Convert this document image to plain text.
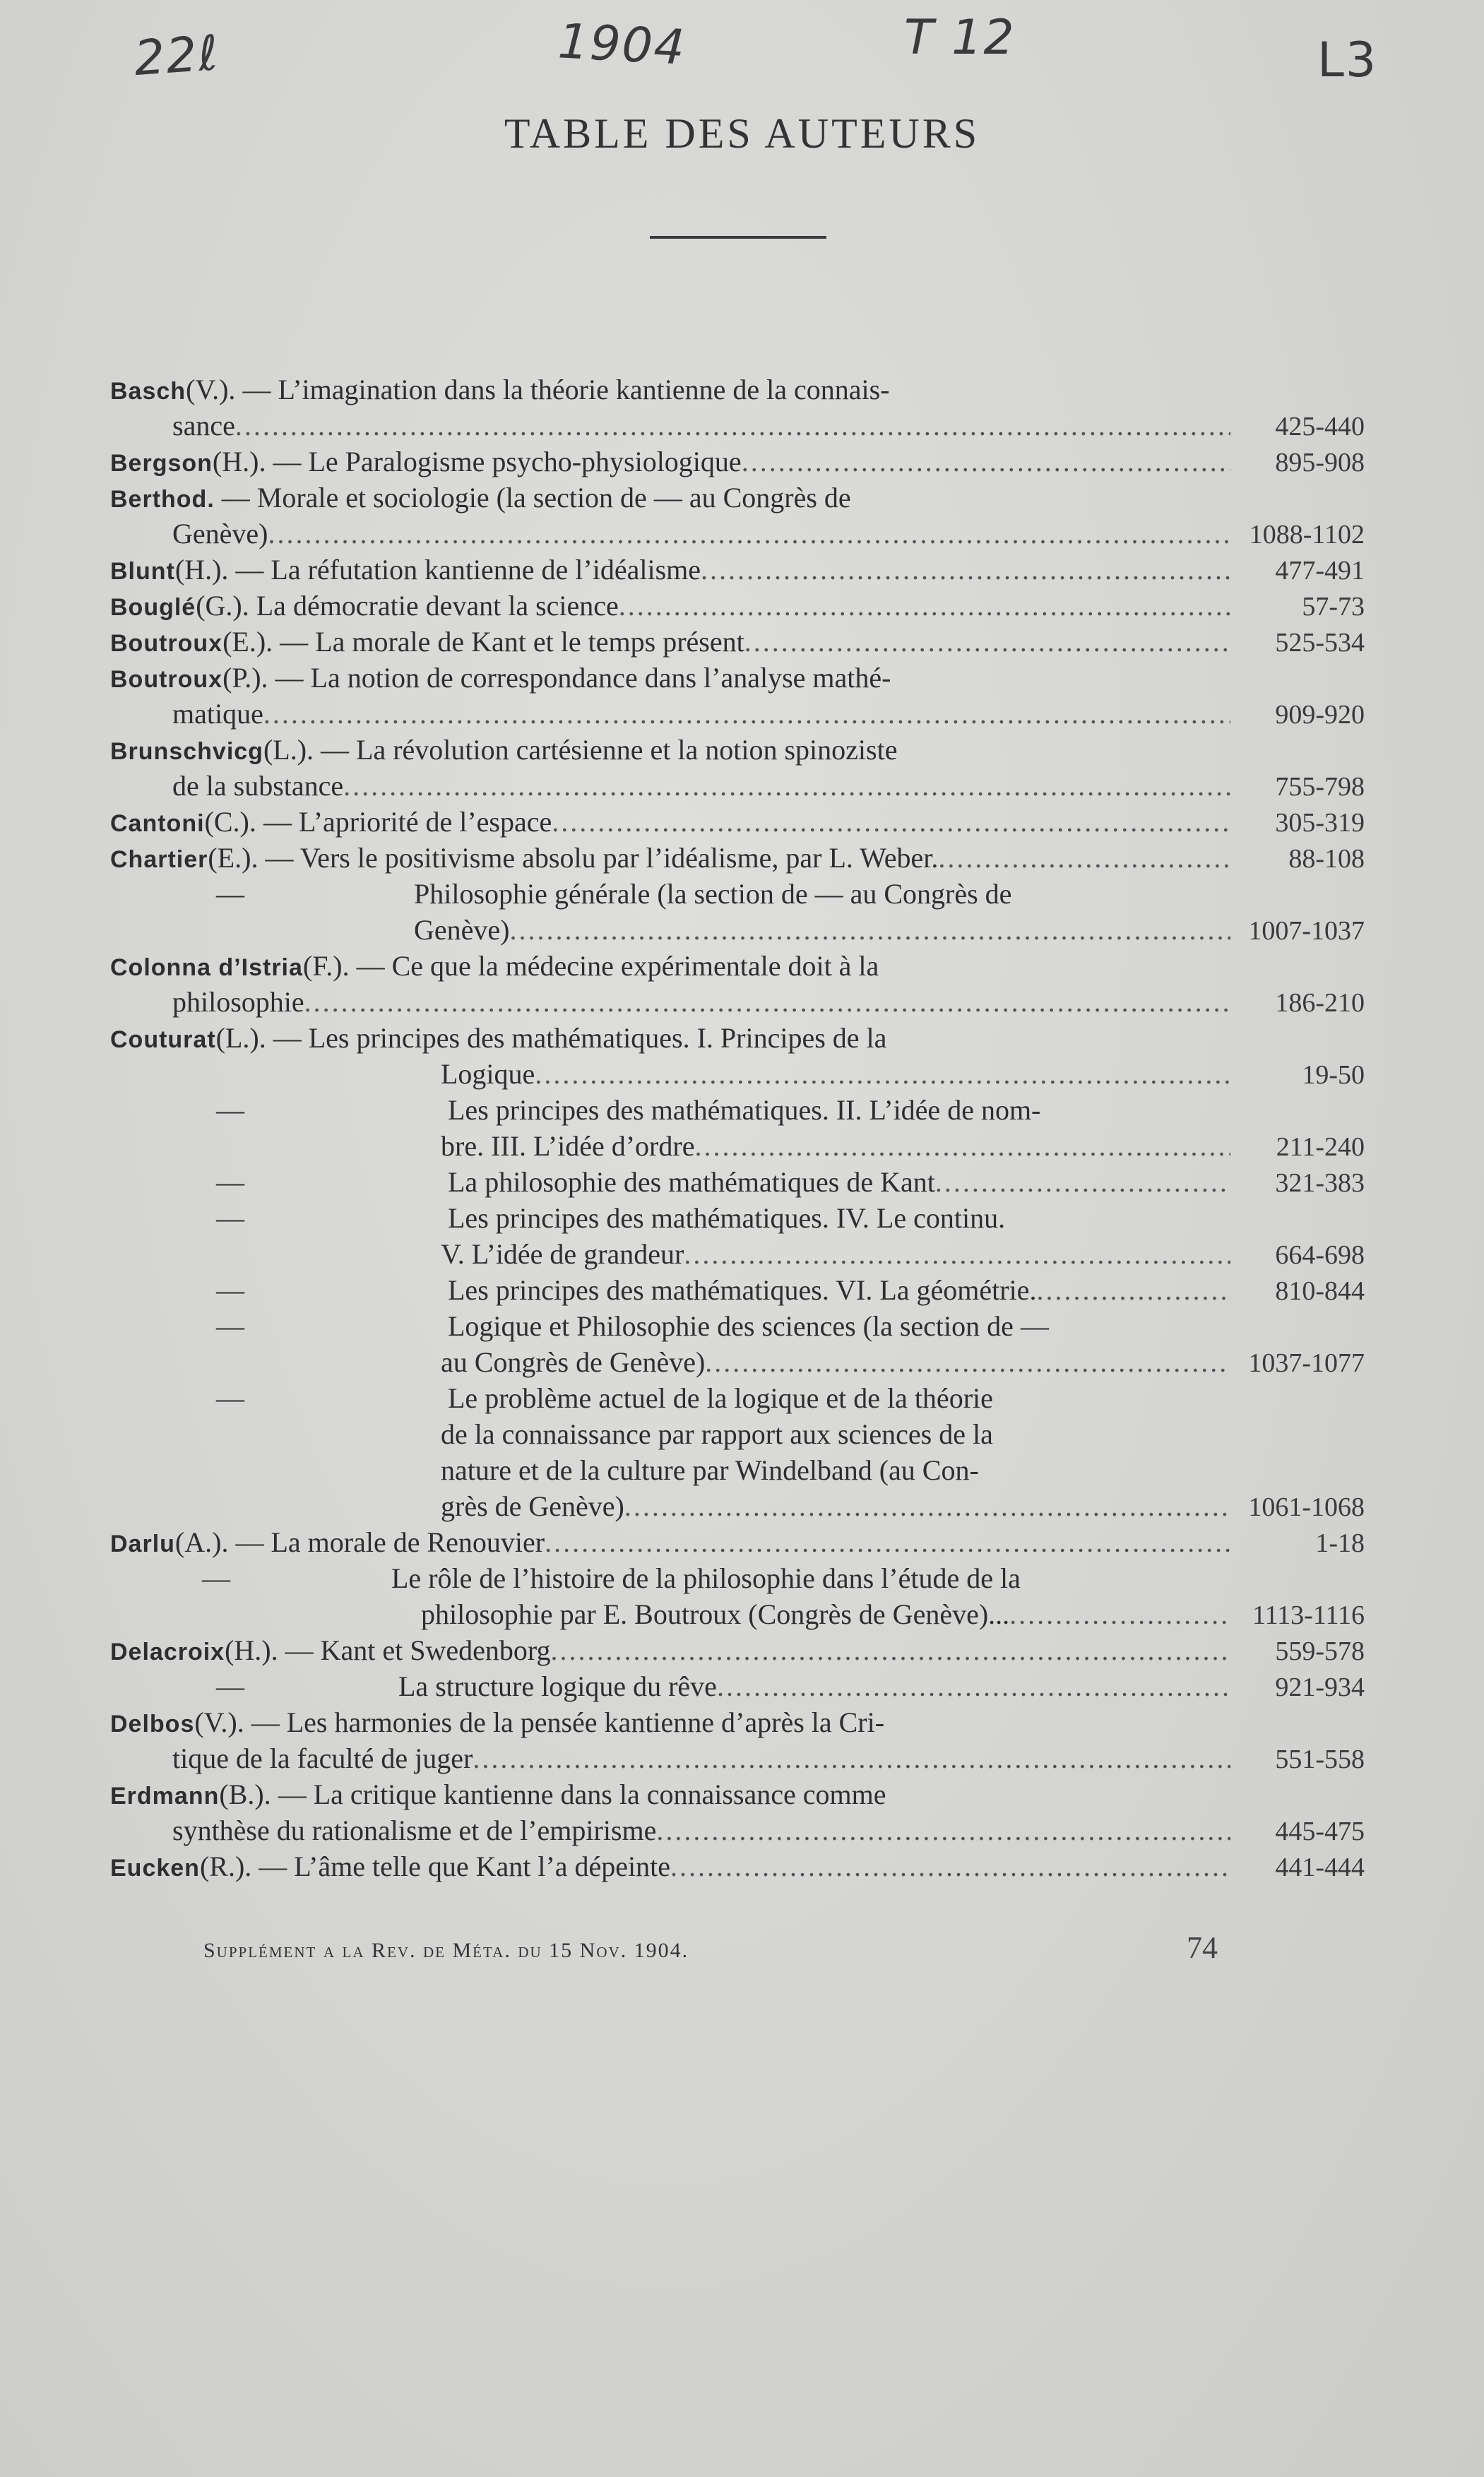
22ℓ	1904	T 12	L3
TABLE DES AUTEURS
Basch (V.). — L’imagination dans la théorie kantienne de la connais-
sance .....	425-440
Bergson (H.). — Le Paralogisme psycho-physiologique .....	895-908
Berthod.
— Morale et sociologie (la section de — au Congrès de
Genève) .....	1088-1102
Blunt (H.). — La réfutation kantienne de l’idéalisme .....	477-491
Bouglé (G.). La démocratie devant la science .....	57-73
Boutroux (E.). — La morale de Kant et le temps présent .....	525-534
Boutroux (P.). — La notion de correspondance dans l’analyse mathé-
matique .....	909-920
Brunschvicg (L.). — La révolution cartésienne et la notion spinoziste
de la substance .....	755-798
Cantoni (C.). — L’apriorité de l’espace .....	305-319
Chartier (E.). — Vers le positivisme absolu par l’idéalisme, par L. Weber. .....	88-108
—	Philosophie générale (la section de — au Congrès de
Genève) .....	1007-1037
Colonna d’Istria (F.). — Ce que la médecine expérimentale doit à la
philosophie .....	186-210
Couturat (L.). — Les principes des mathématiques. I. Principes de la
Logique .....	19-50
—	Les principes des mathématiques. II. L’idée de nom-
bre. III. L’idée d’ordre .....	211-240
—	La philosophie des mathématiques de Kant .....	321-383
—	Les principes des mathématiques. IV. Le continu.
V. L’idée de grandeur .....	664-698
—	Les principes des mathématiques. VI. La géométrie. .....	810-844
—	Logique et Philosophie des sciences (la section de —
au Congrès de Genève) .....	1037-1077
—	Le problème actuel de la logique et de la théorie
de la connaissance par rapport aux sciences de la
nature et de la culture par Windelband (au Con-
grès de Genève) .....	1061-1068
Darlu (A.). — La morale de Renouvier .....	1-18
—	Le rôle de l’histoire de la philosophie dans l’étude de la
philosophie par E. Boutroux (Congrès de Genève)... .....	1113-1116
Delacroix (H.). — Kant et Swedenborg .....	559-578
—	La structure logique du rêve .....	921-934
Delbos (V.). — Les harmonies de la pensée kantienne d’après la Cri-
tique de la faculté de juger .....	551-558
Erdmann (B.). — La critique kantienne dans la connaissance comme
synthèse du rationalisme et de l’empirisme .....	445-475
Eucken (R.). — L’âme telle que Kant l’a dépeinte .....	441-444
Supplément a la Rev. de Méta. du 15 Nov. 1904.	74
